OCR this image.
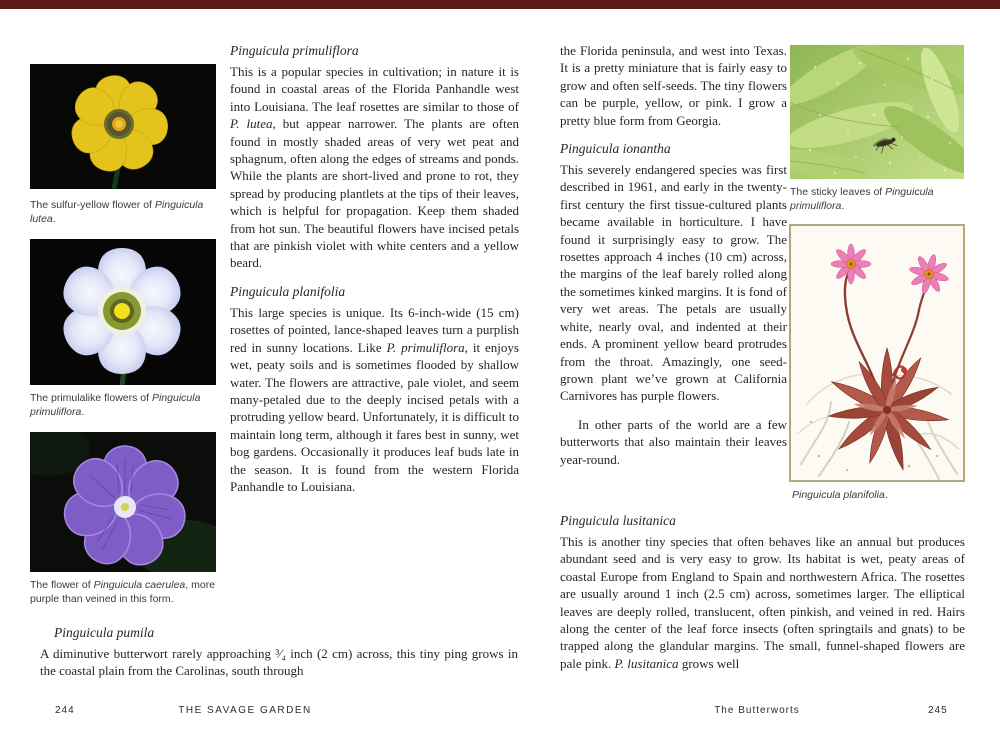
The sulfur-yellow flower of Pinguicula lutea.
The primulalike flowers of Pinguicula primuliflora.
The flower of Pinguicula caerulea, more purple than veined in this form.
Pinguicula primuliflora

This is a popular species in cultivation; in nature it is found in coastal areas of the Florida Panhandle west into Louisiana. The leaf rosettes are similar to those of P. lutea, but appear narrower. The plants are often found in mostly shaded areas of very wet peat and sphagnum, often along the edges of streams and ponds. While the plants are short-lived and prone to rot, they spread by producing plantlets at the tips of their leaves, which is helpful for propagation. Keep them shaded from hot sun. The beautiful flowers have incised petals that are pinkish violet with white centers and a yellow beard.

Pinguicula planifolia

This large species is unique. Its 6-inch-wide (15 cm) rosettes of pointed, lance-shaped leaves turn a purplish red in sunny locations. Like P. primuliflora, it enjoys wet, peaty soils and is sometimes flooded by shallow water. The flowers are attractive, pale violet, and seem many-petaled due to the deeply incised petals with a protruding yellow beard. Unfortunately, it is difficult to maintain long term, although it fares best in sunny, wet bog gardens. Occasionally it produces leaf buds late in the season. It is found from the western Florida Panhandle to Louisiana.

Pinguicula pumila

A diminutive butterwort rarely approaching ³⁄₄ inch (2 cm) across, this tiny ping grows in the coastal plain from the Carolinas, south through

244	THE SAVAGE GARDEN

the Florida peninsula, and west into Texas. It is a pretty miniature that is fairly easy to grow and often self-seeds. The tiny flowers can be purple, yellow, or pink. I grow a pretty blue form from Georgia.

Pinguicula ionantha

This severely endangered species was first described in 1961, and early in the twenty-first century the first tissue-cultured plants became available in horticulture. I have found it surprisingly easy to grow. The rosettes approach 4 inches (10 cm) across, the margins of the leaf barely rolled along the sometimes kinked margins. It is fond of very wet areas. The petals are usually white, nearly oval, and indented at their ends. A prominent yellow beard protrudes from the throat. Amazingly, one seed-grown plant we’ve grown at California Carnivores has purple flowers.

In other parts of the world are a few butterworts that also maintain their leaves year-round.

Pinguicula lusitanica

This is another tiny species that often behaves like an annual but produces abundant seed and is very easy to grow. Its habitat is wet, peaty areas of coastal Europe from England to Spain and northwestern Africa. The rosettes are usually around 1 inch (2.5 cm) across, sometimes larger. The elliptical leaves are deeply rolled, translucent, often pinkish, and veined in red. Hairs along the center of the leaf force insects (often springtails and gnats) to be trapped along the glandular margins. The small, funnel-shaped flowers are pale pink. P. lusitanica grows well

The sticky leaves of Pinguicula primuliflora.
Pinguicula planifolia.
The Butterworts	245
